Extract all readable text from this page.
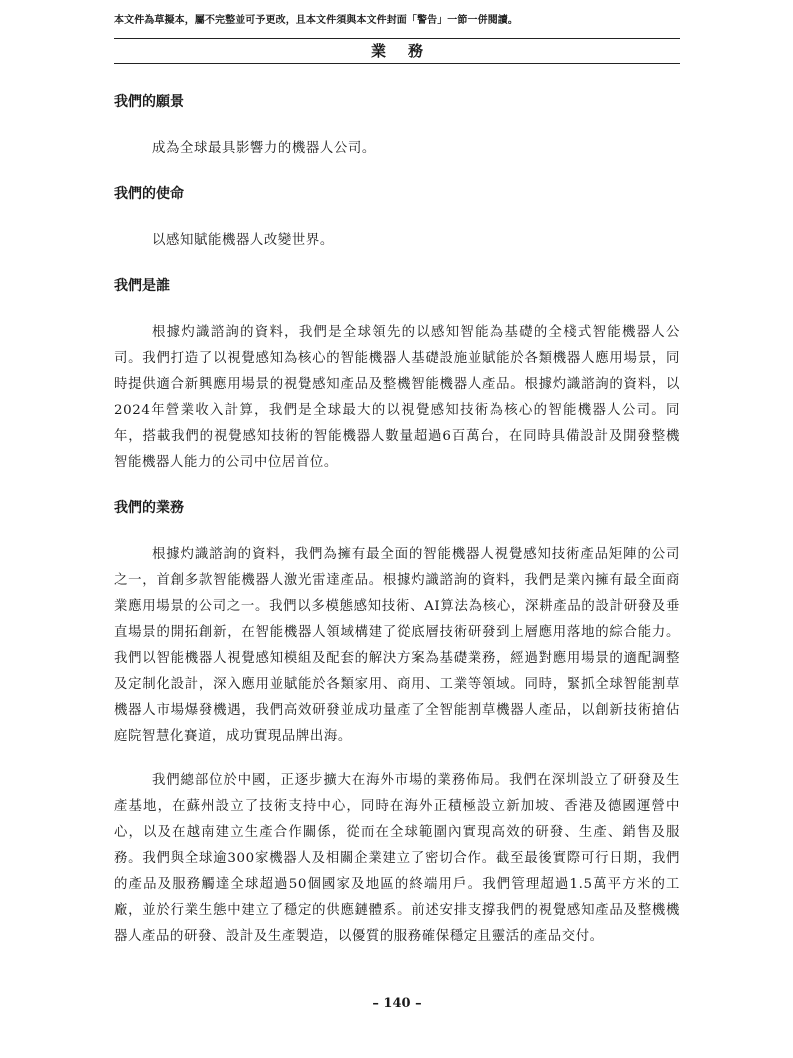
本文件為草擬本，屬不完整並可予更改，且本文件須與本文件封面「警告」一節一併閱讀。
業務
我們的願景

成為全球最具影響力的機器人公司。

我們的使命

以感知賦能機器人改變世界。

我們是誰

根據灼識諮詢的資料，我們是全球領先的以感知智能為基礎的全棧式智能機器人公司。我們打造了以視覺感知為核心的智能機器人基礎設施並賦能於各類機器人應用場景，同時提供適合新興應用場景的視覺感知產品及整機智能機器人產品。根據灼識諮詢的資料，以2024年營業收入計算，我們是全球最大的以視覺感知技術為核心的智能機器人公司。同年，搭載我們的視覺感知技術的智能機器人數量超過6百萬台，在同時具備設計及開發整機智能機器人能力的公司中位居首位。

我們的業務

根據灼識諮詢的資料，我們為擁有最全面的智能機器人視覺感知技術產品矩陣的公司之一，首創多款智能機器人激光雷達產品。根據灼識諮詢的資料，我們是業內擁有最全面商業應用場景的公司之一。我們以多模態感知技術、AI算法為核心，深耕產品的設計研發及垂直場景的開拓創新，在智能機器人領域構建了從底層技術研發到上層應用落地的綜合能力。我們以智能機器人視覺感知模組及配套的解決方案為基礎業務，經過對應用場景的適配調整及定制化設計，深入應用並賦能於各類家用、商用、工業等領域。同時，緊抓全球智能割草機器人市場爆發機遇，我們高效研發並成功量產了全智能割草機器人產品，以創新技術搶佔庭院智慧化賽道，成功實現品牌出海。

我們總部位於中國，正逐步擴大在海外市場的業務佈局。我們在深圳設立了研發及生產基地，在蘇州設立了技術支持中心，同時在海外正積極設立新加坡、香港及德國運營中心，以及在越南建立生產合作關係，從而在全球範圍內實現高效的研發、生產、銷售及服務。我們與全球逾300家機器人及相關企業建立了密切合作。截至最後實際可行日期，我們的產品及服務觸達全球超過50個國家及地區的終端用戶。我們管理超過1.5萬平方米的工廠，並於行業生態中建立了穩定的供應鏈體系。前述安排支撐我們的視覺感知產品及整機機器人產品的研發、設計及生產製造，以優質的服務確保穩定且靈活的產品交付。

– 140 –
